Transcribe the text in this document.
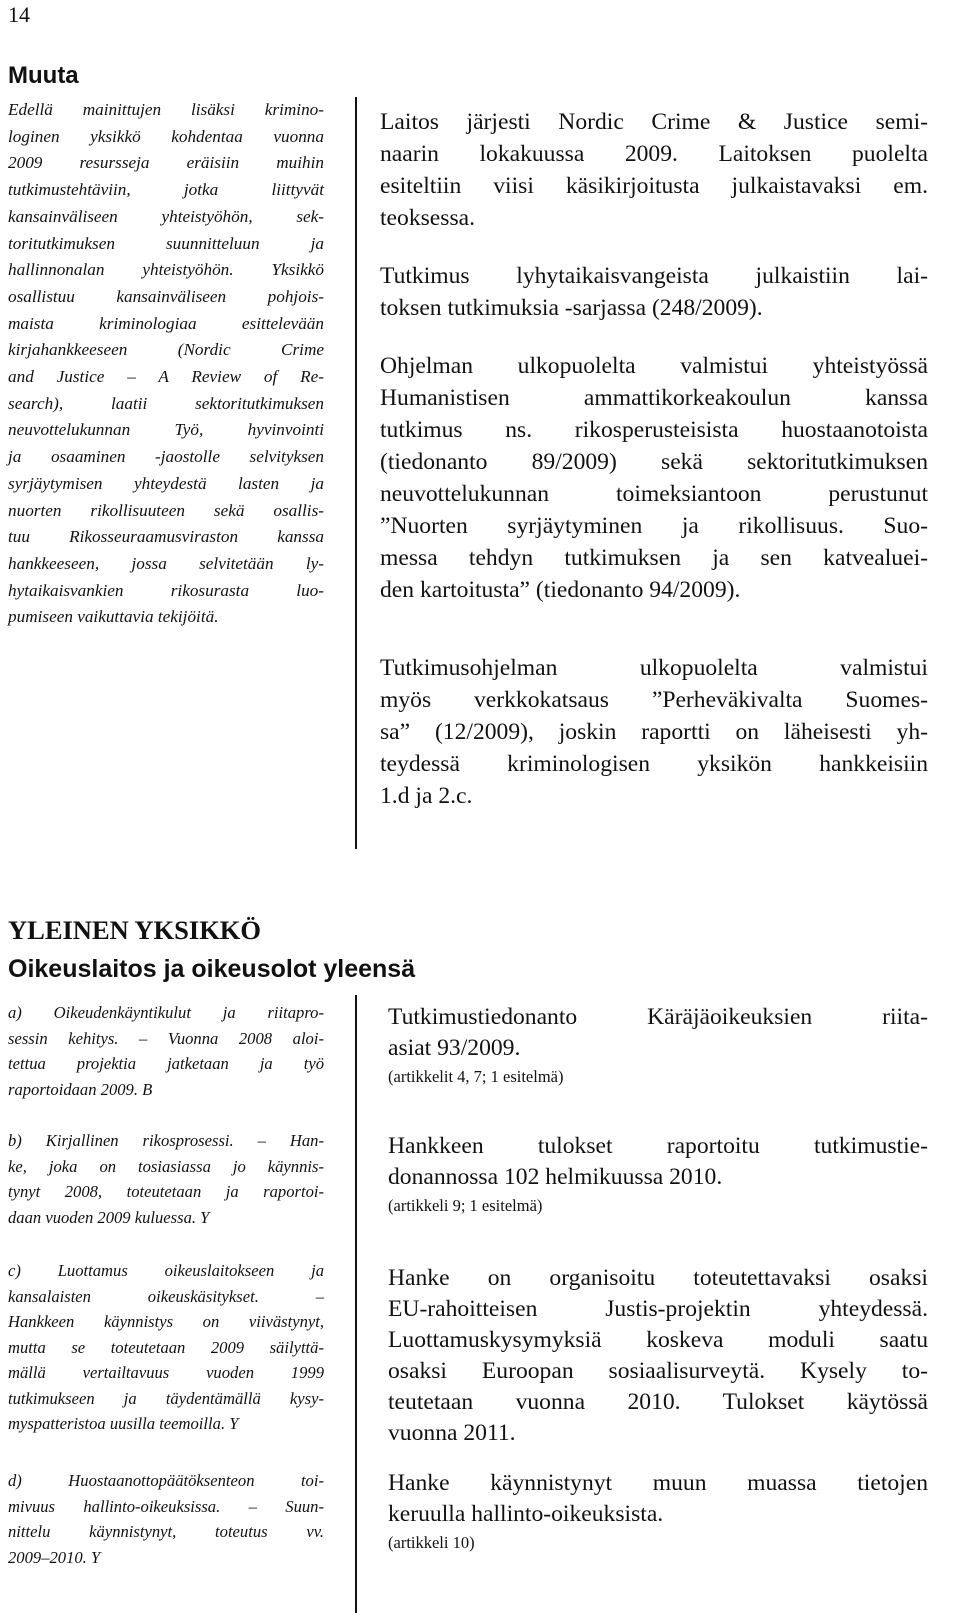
14
Muuta
Edellä mainittujen lisäksi krimino-
loginen yksikkö kohdentaa vuonna
2009 resursseja eräisiin muihin
tutkimustehtäviin, jotka liittyvät
kansainväliseen yhteistyöhön, sek-
toritutkimuksen suunnitteluun ja
hallinnonalan yhteistyöhön. Yksikkö
osallistuu kansainväliseen pohjois-
maista kriminologiaa esittelevään
kirjahankkeeseen (Nordic Crime
and Justice – A Review of Re-
search), laatii sektoritutkimuksen
neuvottelukunnan Työ, hyvinvointi
ja osaaminen -jaostolle selvityksen
syrjäytymisen yhteydestä lasten ja
nuorten rikollisuuteen sekä osallis-
tuu Rikosseuraamusviraston kanssa
hankkeeseen, jossa selvitetään ly-
hytaikaisvankien rikosurasta luo-
pumiseen vaikuttavia tekijöitä.
Laitos järjesti Nordic Crime & Justice semi-
naarin lokakuussa 2009. Laitoksen puolelta
esiteltiin viisi käsikirjoitusta julkaistavaksi em.
teoksessa.
Tutkimus lyhytaikaisvangeista julkaistiin lai-
toksen tutkimuksia -sarjassa (248/2009).
Ohjelman ulkopuolelta valmistui yhteistyössä
Humanistisen ammattikorkeakoulun kanssa
tutkimus ns. rikosperusteisista huostaanotoista
(tiedonanto 89/2009) sekä sektoritutkimuksen
neuvottelukunnan toimeksiantoon perustunut
”Nuorten syrjäytyminen ja rikollisuus. Suo-
messa tehdyn tutkimuksen ja sen katvealuei-
den kartoitusta” (tiedonanto 94/2009).
Tutkimusohjelman ulkopuolelta valmistui
myös verkkokatsaus ”Perheväkivalta Suomes-
sa” (12/2009), joskin raportti on läheisesti yh-
teydessä kriminologisen yksikön hankkeisiin
1.d ja 2.c.
YLEINEN YKSIKKÖ
Oikeuslaitos ja oikeusolot yleensä
a) Oikeudenkäyntikulut ja riitapro-
sessin kehitys. – Vuonna 2008 aloi-
tettua projektia jatketaan ja työ
raportoidaan 2009. B
Tutkimustiedonanto Käräjäoikeuksien riita-
asiat 93/2009.
(artikkelit 4, 7; 1 esitelmä)
b) Kirjallinen rikosprosessi. – Han-
ke, joka on tosiasiassa jo käynnis-
tynyt 2008, toteutetaan ja raportoi-
daan vuoden 2009 kuluessa. Y
Hankkeen tulokset raportoitu tutkimustie-
donannossa 102 helmikuussa 2010.
(artikkeli 9; 1 esitelmä)
c) Luottamus oikeuslaitokseen ja
kansalaisten oikeuskäsitykset. –
Hankkeen käynnistys on viivästynyt,
mutta se toteutetaan 2009 säilyttä-
mällä vertailtavuus vuoden 1999
tutkimukseen ja täydentämällä kysy-
myspatteristoa uusilla teemoilla. Y
Hanke on organisoitu toteutettavaksi osaksi
EU-rahoitteisen Justis-projektin yhteydessä.
Luottamuskysymyksiä koskeva moduli saatu
osaksi Euroopan sosiaalisurveytä. Kysely to-
teutetaan vuonna 2010. Tulokset käytössä
vuonna 2011.
d) Huostaanottopäätöksenteon toi-
mivuus hallinto-oikeuksissa. – Suun-
nittelu käynnistynyt, toteutus vv.
2009–2010. Y
Hanke käynnistynyt muun muassa tietojen
keruulla hallinto-oikeuksista.
(artikkeli 10)
